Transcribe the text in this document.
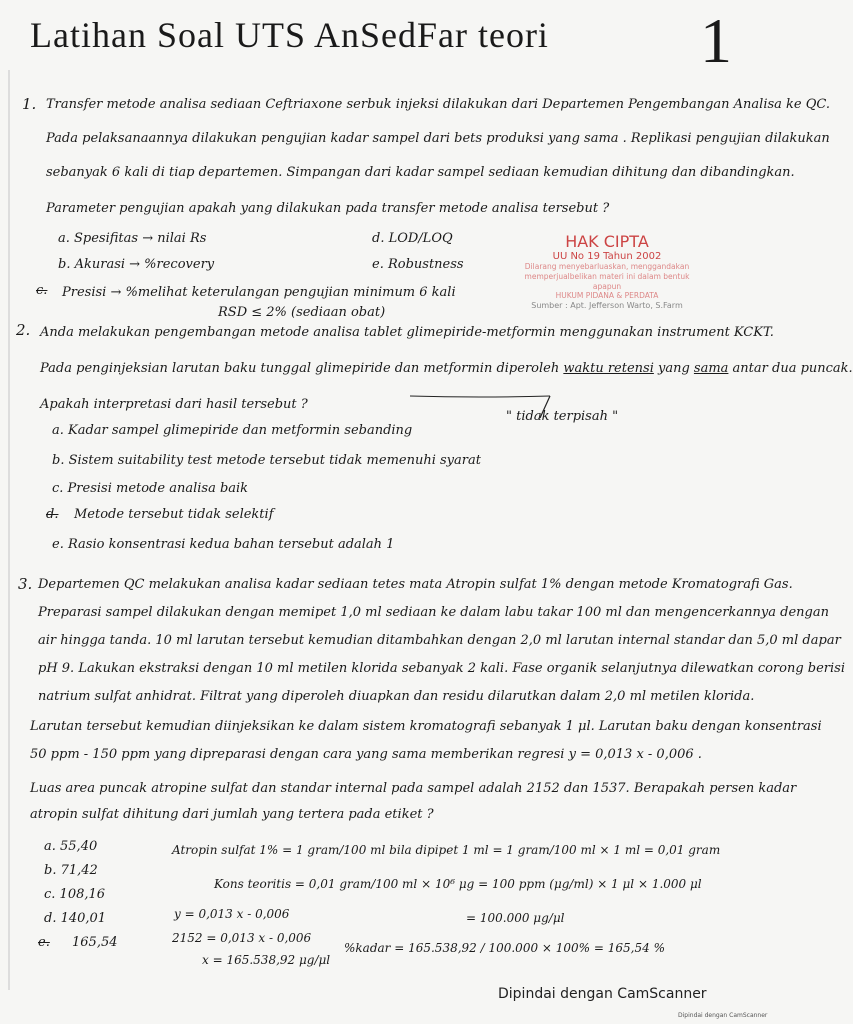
Latihan Soal UTS AnSedFar teori 1
1. Transfer metode analisa sediaan Ceftriaxone serbuk injeksi dilakukan dari Departemen Pengembangan Analisa ke QC.
Pada pelaksanaannya dilakukan pengujian kadar sampel dari bets produksi yang sama . Replikasi pengujian dilakukan
sebanyak 6 kali di tiap departemen. Simpangan dari kadar sampel sediaan kemudian dihitung dan dibandingkan.
Parameter pengujian apakah yang dilakukan pada transfer metode analisa tersebut ?
a. Spesifitas → nilai Rs
b. Akurasi → %recovery
c. Presisi → %melihat keterulangan pengujian minimum 6 kali
RSD ≤ 2% (sediaan obat)
d. LOD/LOQ
e. Robustness
HAK CIPTA
UU No 19 Tahun 2002
Dilarang menyebarluaskan, menggandakan
memperjualbelikan materi ini dalam bentuk apapun
HUKUM PIDANA & PERDATA
Sumber : Apt. Jefferson Warto, S.Farm
2. Anda melakukan pengembangan metode analisa tablet glimepiride-metformin menggunakan instrument KCKT.
Pada penginjeksian larutan baku tunggal glimepiride dan metformin diperoleh waktu retensi yang sama antar dua puncak.
Apakah interpretasi dari hasil tersebut ?
" tidak terpisah "
a. Kadar sampel glimepiride dan metformin sebanding
b. Sistem suitability test metode tersebut tidak memenuhi syarat
c. Presisi metode analisa baik
d. Metode tersebut tidak selektif
e. Rasio konsentrasi kedua bahan tersebut adalah 1
3. Departemen QC melakukan analisa kadar sediaan tetes mata Atropin sulfat 1% dengan metode Kromatografi Gas.
Preparasi sampel dilakukan dengan memipet 1,0 ml sediaan ke dalam labu takar 100 ml dan mengencerkannya dengan
air hingga tanda. 10 ml larutan tersebut kemudian ditambahkan dengan 2,0 ml larutan internal standar dan 5,0 ml dapar
pH 9. Lakukan ekstraksi dengan 10 ml metilen klorida sebanyak 2 kali. Fase organik selanjutnya dilewatkan corong berisi
natrium sulfat anhidrat. Filtrat yang diperoleh diuapkan dan residu dilarutkan dalam 2,0 ml metilen klorida.
Larutan tersebut kemudian diinjeksikan ke dalam sistem kromatografi sebanyak 1 μl. Larutan baku dengan konsentrasi
50 ppm - 150 ppm yang dipreparasi dengan cara yang sama memberikan regresi y = 0,013 x - 0,006 .
Luas area puncak atropine sulfat dan standar internal pada sampel adalah 2152 dan 1537. Berapakah persen kadar
atropin sulfat dihitung dari jumlah yang tertera pada etiket ?
a. 55,40
b. 71,42
c. 108,16
d. 140,01
e. 165,54
Atropin sulfat 1% = 1 gram/100 ml bila dipipet 1 ml = 1 gram/100 ml × 1 ml = 0,01 gram
Kons teoritis = 0,01 gram/100 ml × 10⁶ μg = 100 ppm (μg/ml) × 1 μl × 1.000 μl
= 100.000 μg/μl
y = 0,013 x - 0,006
2152 = 0,013 x - 0,006
x = 165.538,92 μg/μl
%kadar = 165.538,92 / 100.000 × 100% = 165,54 %
Dipindai dengan CamScanner
Dipindai dengan CamScanner
